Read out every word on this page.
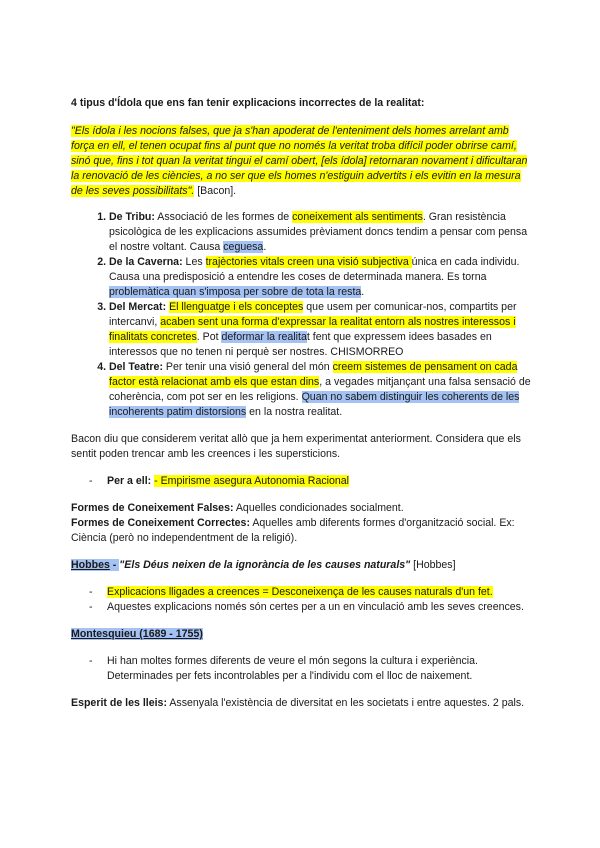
4 tipus d'Ídola que ens fan tenir explicacions incorrectes de la realitat:

"Els ídola i les nocions falses, que ja s'han apoderat de l'enteniment dels homes arrelant amb força en ell, el tenen ocupat fins al punt que no només la veritat troba difícil poder obrirse camí, sinó que, fins i tot quan la veritat tingui el camí obert, [els ídola] retornaran novament i dificultaran la renovació de les ciències, a no ser que els homes n'estiguin advertits i els evitin en la mesura de les seves possibilitats". [Bacon].

1. De Tribu: Associació de les formes de coneixement als sentiments. Gran resistència psicològica de les explicacions assumides prèviament doncs tendim a pensar com pensa el nostre voltant. Causa ceguesa.
2. De la Caverna: Les trajèctories vitals creen una visió subjectiva única en cada individu. Causa una predisposició a entendre les coses de determinada manera. Es torna problemàtica quan s'imposa per sobre de tota la resta.
3. Del Mercat: El llenguatge i els conceptes que usem per comunicar-nos, compartits per intercanvi, acaben sent una forma d'expressar la realitat entorn als nostres interessos i finalitats concretes. Pot deformar la realitat fent que expressem idees basades en interessos que no tenen ni perquè ser nostres. CHISMORREO
4. Del Teatre: Per tenir una visió general del món creem sistemes de pensament on cada factor està relacionat amb els que estan dins, a vegades mitjançant una falsa sensació de coherència, com pot ser en les religions. Quan no sabem distinguir les coherents de les incoherents patim distorsions en la nostra realitat.

Bacon diu que considerem veritat allò que ja hem experimentat anteriorment. Considera que els sentit poden trencar amb les creences i les supersticions.

- Per a ell: - Empirisme asegura Autonomia Racional

Formes de Coneixement Falses: Aquelles condicionades socialment.

Formes de Coneixement Correctes: Aquelles amb diferents formes d'organització social. Ex: Ciència (però no independentment de la religió).

Hobbes - "Els Déus neixen de la ignorància de les causes naturals" [Hobbes]

- Explicacions lligades a creences = Desconeixença de les causes naturals d'un fet.
- Aquestes explicacions només són certes per a un en vinculació amb les seves creences.

Montesquieu (1689 - 1755)

- Hi han moltes formes diferents de veure el món segons la cultura i experiència. Determinades per fets incontrolables per a l'individu com el lloc de naixement.

Esperit de les lleis: Assenyala l'existència de diversitat en les societats i entre aquestes. 2 pals.
